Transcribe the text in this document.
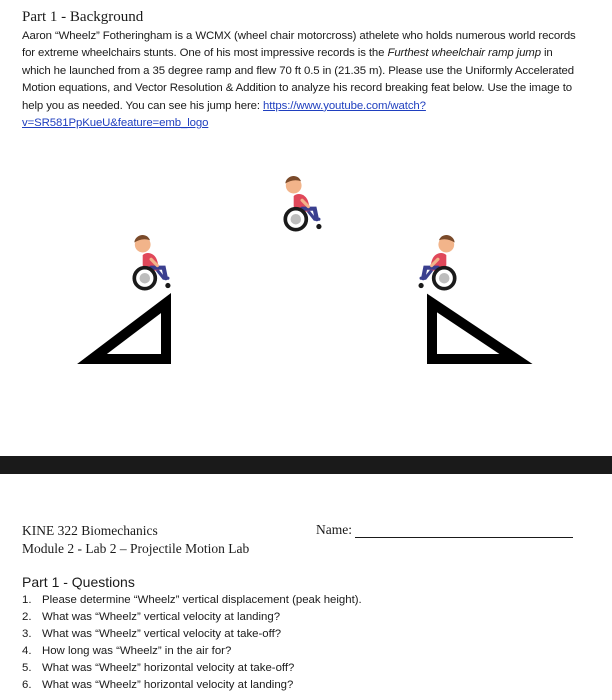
Part 1 - Background
Aaron “Wheelz” Fotheringham is a WCMX (wheel chair motorcross) athelete who holds numerous world records for extreme wheelchairs stunts. One of his most impressive records is the Furthest wheelchair ramp jump in which he launched from a 35 degree ramp and flew 70 ft 0.5 in (21.35 m). Please use the Uniformly Accelerated Motion equations, and Vector Resolution & Addition to analyze his record breaking feat below. Use the image to help you as needed. You can see his jump here: https://www.youtube.com/watch?v=SR581PpKueU&feature=emb_logo
KINE 322 Biomechanics
Module 2 - Lab 2 – Projectile Motion Lab
Name:
Part 1 - Questions
1. Please determine “Wheelz” vertical displacement (peak height).
2. What was “Wheelz” vertical velocity at landing?
3. What was “Wheelz” vertical velocity at take-off?
4. How long was “Wheelz” in the air for?
5. What was “Wheelz” horizontal velocity at take-off?
6. What was “Wheelz” horizontal velocity at landing?
